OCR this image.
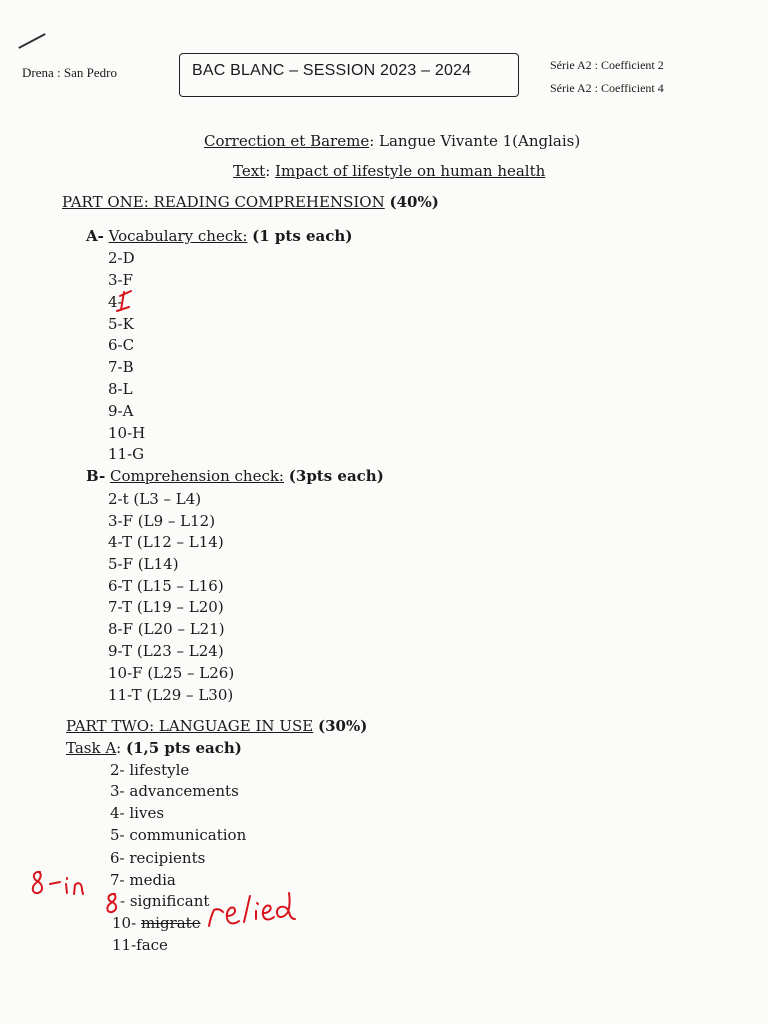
Drena : San Pedro	BAC BLANC – SESSION 2023 – 2024	Série A2 : Coefficient 2
Série A2 : Coefficient 4
Correction et Bareme: Langue Vivante 1(Anglais)
Text: Impact of lifestyle on human health
PART ONE: READING COMPREHENSION (40%)
A- Vocabulary check: (1 pts each)
2-D
3-F
4-
5-K
6-C
7-B
8-L
9-A
10-H
11-G
B- Comprehension check: (3pts each)
2-t (L3 – L4)
3-F (L9 – L12)
4-T (L12 – L14)
5-F (L14)
6-T (L15 – L16)
7-T (L19 – L20)
8-F (L20 – L21)
9-T (L23 – L24)
10-F (L25 – L26)
11-T (L29 – L30)
PART TWO: LANGUAGE IN USE (30%)
Task A: (1,5 pts each)
2- lifestyle
3- advancements
4- lives
5- communication
6- recipients
7- media
- significant
10- migrate
11-face
